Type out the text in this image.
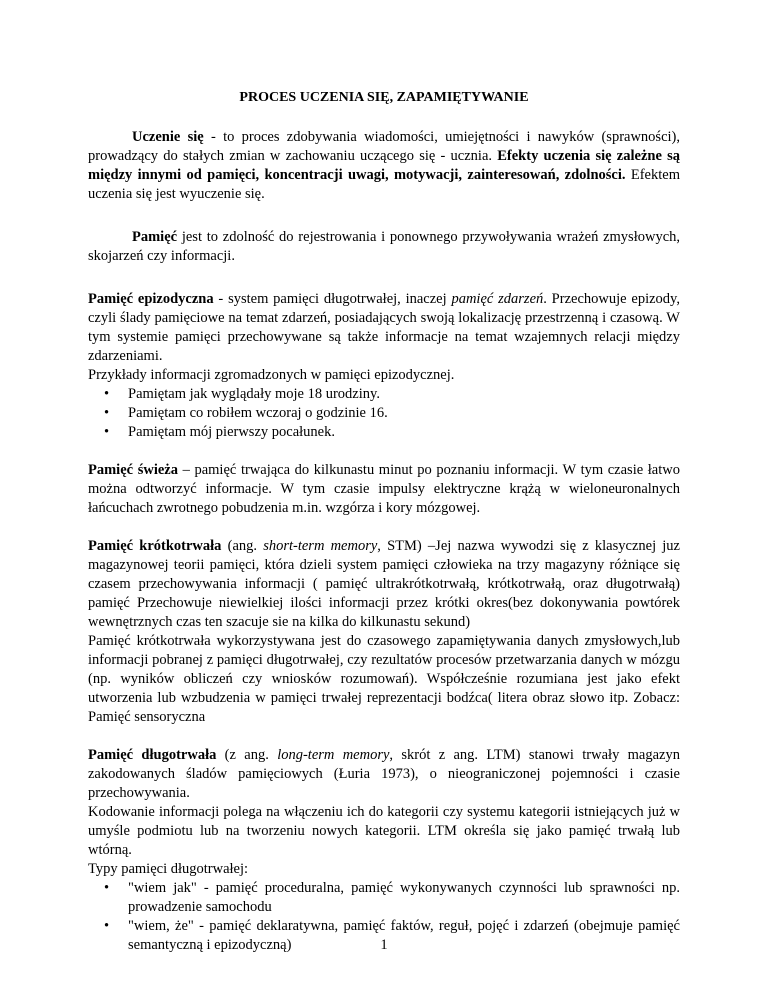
PROCES UCZENIA SIĘ, ZAPAMIĘTYWANIE

Uczenie się - to proces zdobywania wiadomości, umiejętności i nawyków (sprawności), prowadzący do stałych zmian w zachowaniu uczącego się - ucznia. Efekty uczenia się zależne są między innymi od pamięci, koncentracji uwagi, motywacji, zainteresowań, zdolności. Efektem uczenia się jest wyuczenie się.

Pamięć jest to zdolność do rejestrowania i ponownego przywoływania wrażeń zmysłowych, skojarzeń czy informacji.

Pamięć epizodyczna - system pamięci długotrwałej, inaczej pamięć zdarzeń. Przechowuje epizody, czyli ślady pamięciowe na temat zdarzeń, posiadających swoją lokalizację przestrzenną i czasową. W tym systemie pamięci przechowywane są także informacje na temat wzajemnych relacji między zdarzeniami.

Przykłady informacji zgromadzonych w pamięci epizodycznej.

• Pamiętam jak wyglądały moje 18 urodziny.
• Pamiętam co robiłem wczoraj o godzinie 16.
• Pamiętam mój pierwszy pocałunek.

Pamięć świeża – pamięć trwająca do kilkunastu minut po poznaniu informacji. W tym czasie łatwo można odtworzyć informacje. W tym czasie impulsy elektryczne krążą w wieloneuronalnych łańcuchach zwrotnego pobudzenia m.in. wzgórza i kory mózgowej.

Pamięć krótkotrwała (ang. short-term memory, STM) –Jej nazwa wywodzi się z klasycznej juz magazynowej teorii pamięci, która dzieli system pamięci człowieka na trzy magazyny różniące się czasem przechowywania informacji ( pamięć ultrakrótkotrwałą, krótkotrwałą, oraz długotrwałą) pamięć Przechowuje niewielkiej ilości informacji przez krótki okres(bez dokonywania powtórek wewnętrznych czas ten szacuje sie na kilka do kilkunastu sekund)

Pamięć krótkotrwała wykorzystywana jest do czasowego zapamiętywania danych zmysłowych,lub informacji pobranej z pamięci długotrwałej, czy rezultatów procesów przetwarzania danych w mózgu (np. wyników obliczeń czy wniosków rozumowań). Współcześnie rozumiana jest jako efekt utworzenia lub wzbudzenia w pamięci trwałej reprezentacji bodźca( litera obraz słowo itp. Zobacz: Pamięć sensoryczna

Pamięć długotrwała (z ang. long-term memory, skrót z ang. LTM) stanowi trwały magazyn zakodowanych śladów pamięciowych (Łuria 1973), o nieograniczonej pojemności i czasie przechowywania.

Kodowanie informacji polega na włączeniu ich do kategorii czy systemu kategorii istniejących już w umyśle podmiotu lub na tworzeniu nowych kategorii. LTM określa się jako pamięć trwałą lub wtórną.

Typy pamięci długotrwałej:

• "wiem jak" - pamięć proceduralna, pamięć wykonywanych czynności lub sprawności np. prowadzenie samochodu
• "wiem, że" - pamięć deklaratywna, pamięć faktów, reguł, pojęć i zdarzeń (obejmuje pamięć semantyczną i epizodyczną)	1
